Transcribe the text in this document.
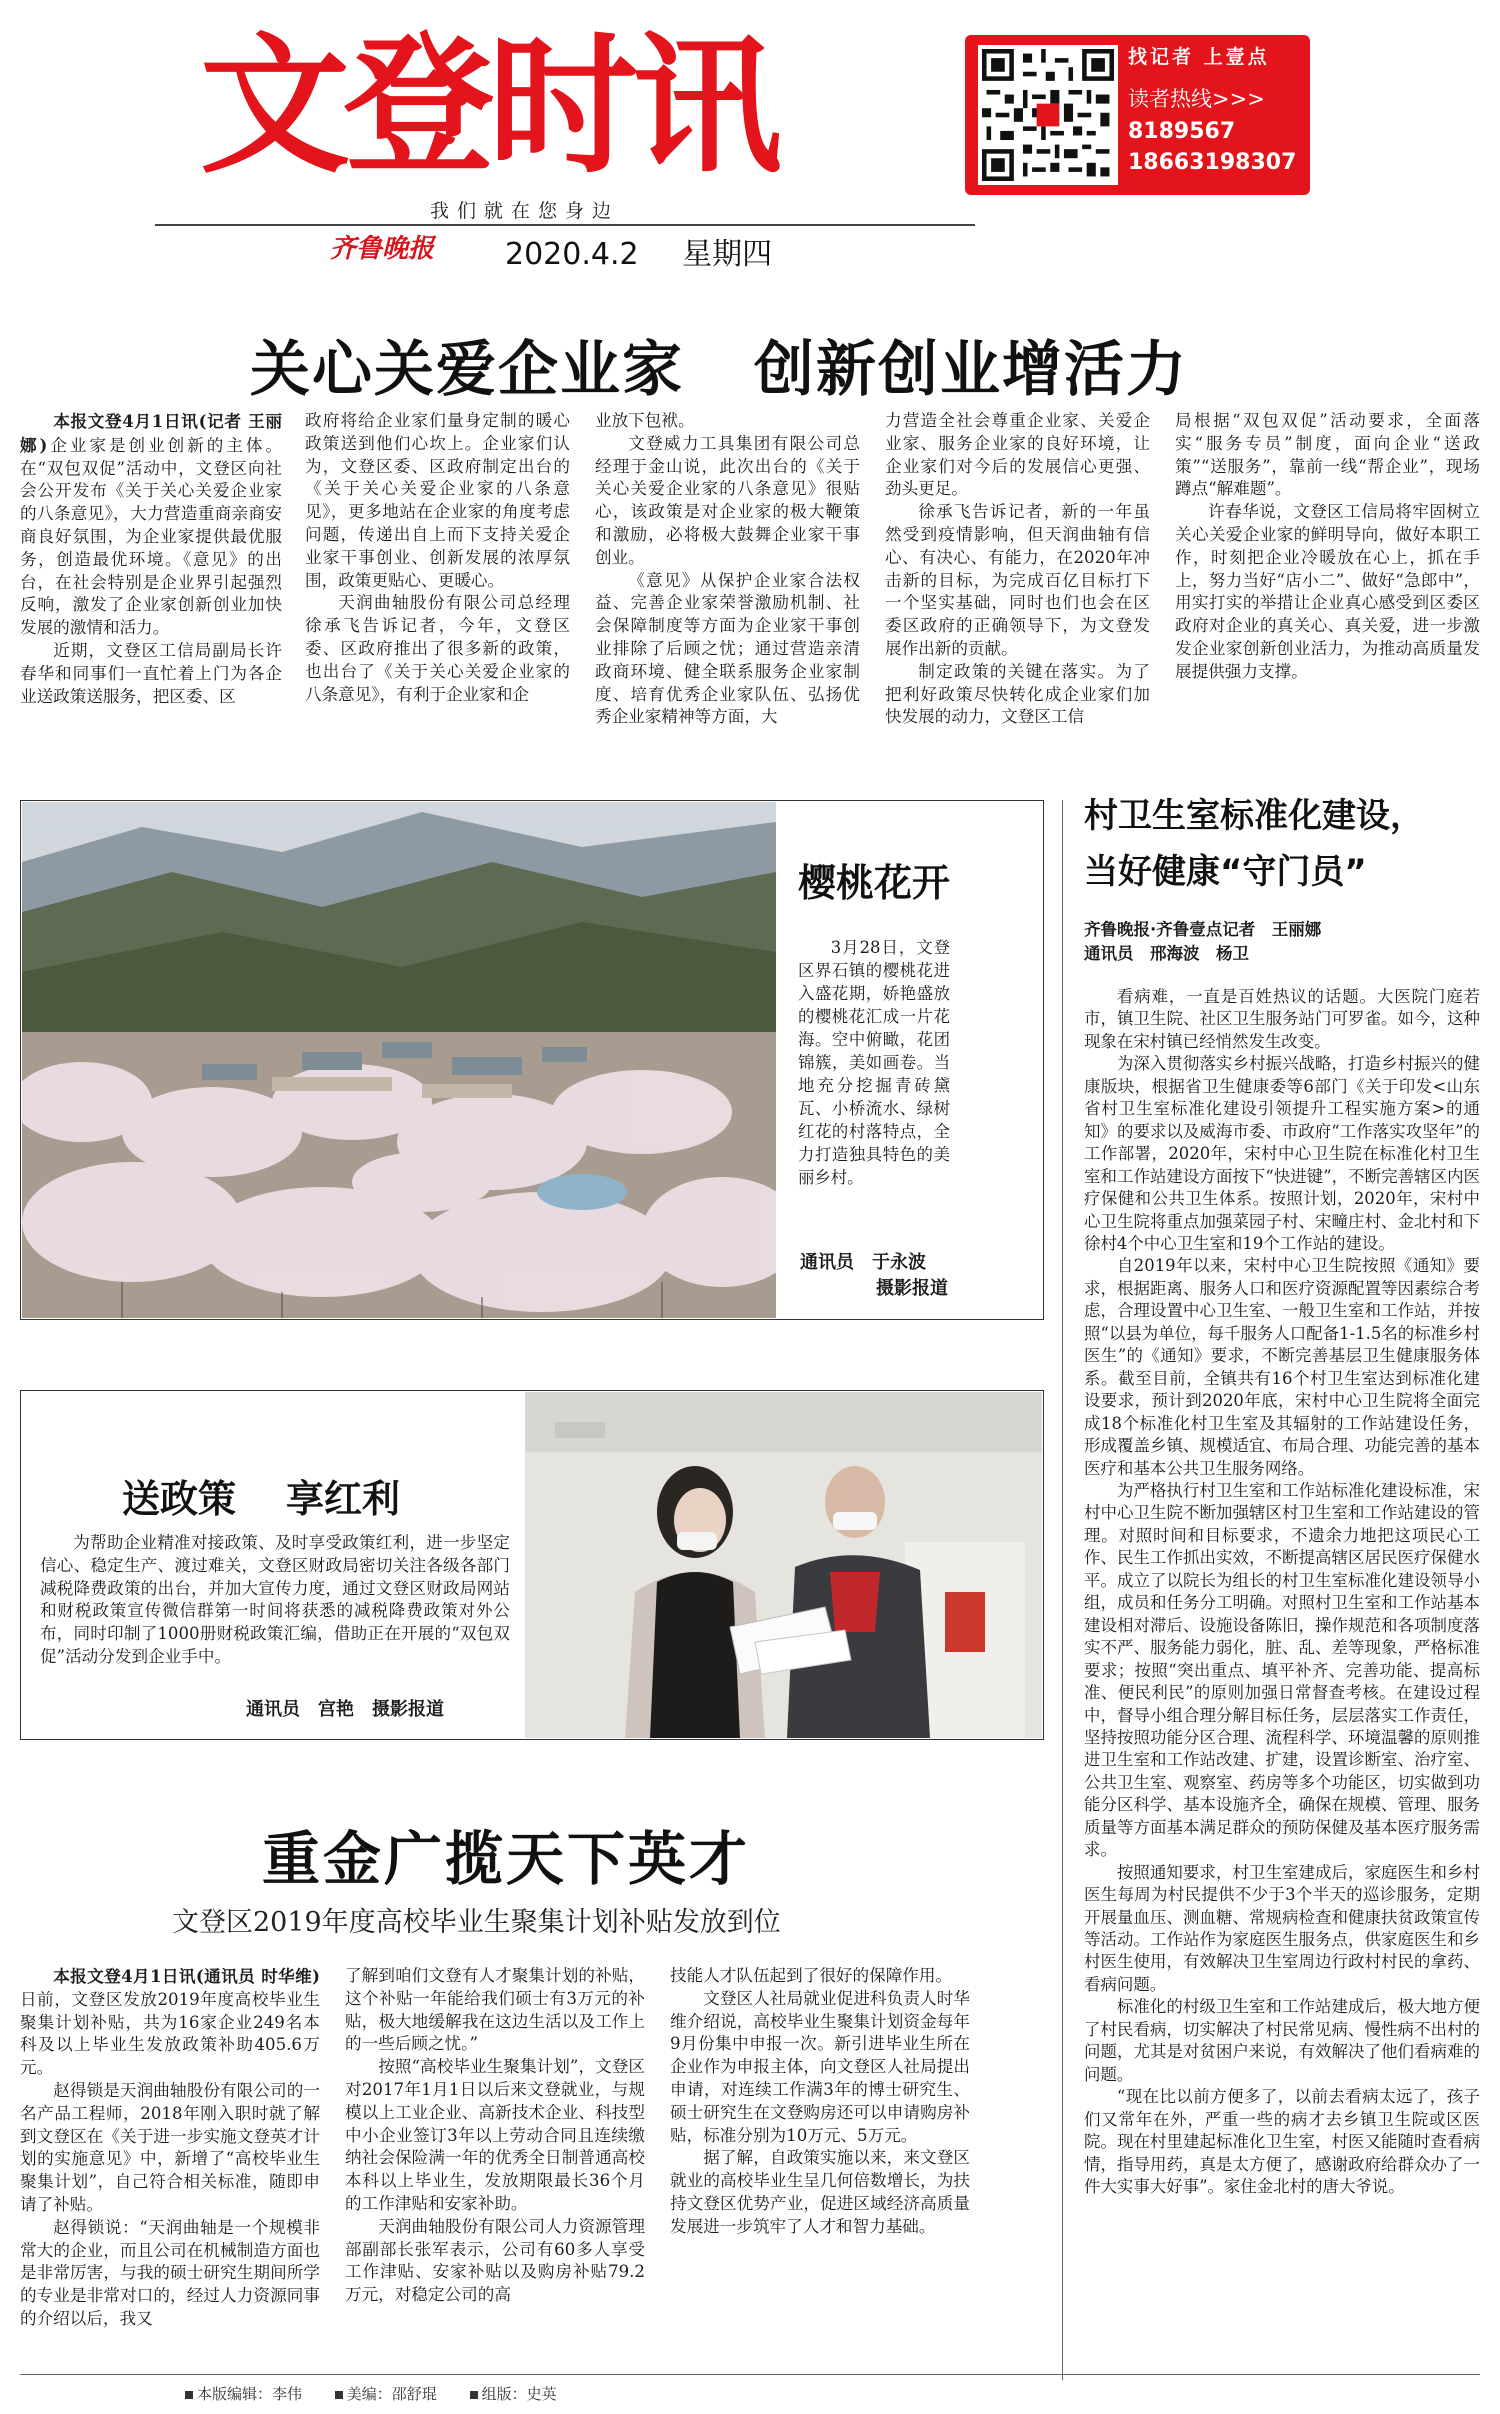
文登时讯
我们就在您身边
齐鲁晚报 2020.4.2 星期四
找记者 上壹点
读者热线>>>
8189567
18663198307
关心关爱企业家 创新创业增活力
本报文登4月1日讯(记者 王丽娜)企业家是创业创新的主体。在“双包双促”活动中，文登区向社会公开发布《关于关心关爱企业家的八条意见》，大力营造重商亲商安商良好氛围，为企业家提供最优服务，创造最优环境。《意见》的出台，在社会特别是企业界引起强烈反响，激发了企业家创新创业加快发展的激情和活力。
近期，文登区工信局副局长许春华和同事们一直忙着上门为各企业送政策送服务，把区委、区
政府将给企业家们量身定制的暖心政策送到他们心坎上。企业家们认为，文登区委、区政府制定出台的《关于关心关爱企业家的八条意见》，更多地站在企业家的角度考虑问题，传递出自上而下支持关爱企业家干事创业、创新发展的浓厚氛围，政策更贴心、更暖心。
天润曲轴股份有限公司总经理徐承飞告诉记者，今年，文登区委、区政府推出了很多新的政策，也出台了《关于关心关爱企业家的八条意见》，有利于企业家和企
业放下包袱。
文登威力工具集团有限公司总经理于金山说，此次出台的《关于关心关爱企业家的八条意见》很贴心，该政策是对企业家的极大鞭策和激励，必将极大鼓舞企业家干事创业。
《意见》从保护企业家合法权益、完善企业家荣誉激励机制、社会保障制度等方面为企业家干事创业排除了后顾之忧；通过营造亲清政商环境、健全联系服务企业家制度、培育优秀企业家队伍、弘扬优秀企业家精神等方面，大
力营造全社会尊重企业家、关爱企业家、服务企业家的良好环境，让企业家们对今后的发展信心更强、劲头更足。
徐承飞告诉记者，新的一年虽然受到疫情影响，但天润曲轴有信心、有决心、有能力，在2020年冲击新的目标，为完成百亿目标打下一个坚实基础，同时也们也会在区委区政府的正确领导下，为文登发展作出新的贡献。
制定政策的关键在落实。为了把利好政策尽快转化成企业家们加快发展的动力，文登区工信
局根据“双包双促”活动要求，全面落实“服务专员”制度，面向企业“送政策”“送服务”，靠前一线“帮企业”，现场蹲点“解难题”。
许春华说，文登区工信局将牢固树立关心关爱企业家的鲜明导向，做好本职工作，时刻把企业冷暖放在心上，抓在手上，努力当好“店小二”、做好“急郎中”，用实打实的举措让企业真心感受到区委区政府对企业的真关心、真关爱，进一步激发企业家创新创业活力，为推动高质量发展提供强力支撑。
樱桃花开
3月28日，文登区界石镇的樱桃花进入盛花期，娇艳盛放的樱桃花汇成一片花海。空中俯瞰，花团锦簇，美如画卷。当地充分挖掘青砖黛瓦、小桥流水、绿树红花的村落特点，全力打造独具特色的美丽乡村。
通讯员　于永波
摄影报道
送政策 享红利
为帮助企业精准对接政策、及时享受政策红利，进一步坚定信心、稳定生产、渡过难关，文登区财政局密切关注各级各部门减税降费政策的出台，并加大宣传力度，通过文登区财政局网站和财税政策宣传微信群第一时间将获悉的减税降费政策对外公布，同时印制了1000册财税政策汇编，借助正在开展的“双包双促”活动分发到企业手中。
通讯员　宫艳　摄影报道
重金广揽天下英才
文登区2019年度高校毕业生聚集计划补贴发放到位
本报文登4月1日讯(通讯员 时华维)日前，文登区发放2019年度高校毕业生聚集计划补贴，共为16家企业249名本科及以上毕业生发放政策补助405.6万元。
赵得锁是天润曲轴股份有限公司的一名产品工程师，2018年刚入职时就了解到文登区在《关于进一步实施文登英才计划的实施意见》中，新增了“高校毕业生聚集计划”，自己符合相关标准，随即申请了补贴。
赵得锁说：“天润曲轴是一个规模非常大的企业，而且公司在机械制造方面也是非常厉害，与我的硕士研究生期间所学的专业是非常对口的，经过人力资源同事的介绍以后，我又
了解到咱们文登有人才聚集计划的补贴，这个补贴一年能给我们硕士有3万元的补贴，极大地缓解我在这边生活以及工作上的一些后顾之忧。”
按照“高校毕业生聚集计划”，文登区对2017年1月1日以后来文登就业，与规模以上工业企业、高新技术企业、科技型中小企业签订3年以上劳动合同且连续缴纳社会保险满一年的优秀全日制普通高校本科以上毕业生，发放期限最长36个月的工作津贴和安家补助。
天润曲轴股份有限公司人力资源管理部副部长张军表示，公司有60多人享受工作津贴、安家补贴以及购房补贴79.2万元，对稳定公司的高
技能人才队伍起到了很好的保障作用。
文登区人社局就业促进科负责人时华维介绍说，高校毕业生聚集计划资金每年9月份集中申报一次。新引进毕业生所在企业作为申报主体，向文登区人社局提出申请，对连续工作满3年的博士研究生、硕士研究生在文登购房还可以申请购房补贴，标准分别为10万元、5万元。
据了解，自政策实施以来，来文登区就业的高校毕业生呈几何倍数增长，为扶持文登区优势产业，促进区域经济高质量发展进一步筑牢了人才和智力基础。
村卫生室标准化建设，
当好健康“守门员”
齐鲁晚报·齐鲁壹点记者　王丽娜
通讯员　邢海波　杨卫
看病难，一直是百姓热议的话题。大医院门庭若市，镇卫生院、社区卫生服务站门可罗雀。如今，这种现象在宋村镇已经悄然发生改变。
为深入贯彻落实乡村振兴战略，打造乡村振兴的健康版块，根据省卫生健康委等6部门《关于印发<山东省村卫生室标准化建设引领提升工程实施方案>的通知》的要求以及威海市委、市政府“工作落实攻坚年”的工作部署，2020年，宋村中心卫生院在标准化村卫生室和工作站建设方面按下“快进键”，不断完善辖区内医疗保健和公共卫生体系。按照计划，2020年，宋村中心卫生院将重点加强菜园子村、宋疃庄村、金北村和下徐村4个中心卫生室和19个工作站的建设。
自2019年以来，宋村中心卫生院按照《通知》要求，根据距离、服务人口和医疗资源配置等因素综合考虑，合理设置中心卫生室、一般卫生室和工作站，并按照“以县为单位，每千服务人口配备1-1.5名的标准乡村医生”的《通知》要求，不断完善基层卫生健康服务体系。截至目前，全镇共有16个村卫生室达到标准化建设要求，预计到2020年底，宋村中心卫生院将全面完成18个标准化村卫生室及其辐射的工作站建设任务，形成覆盖乡镇、规模适宜、布局合理、功能完善的基本医疗和基本公共卫生服务网络。
为严格执行村卫生室和工作站标准化建设标准，宋村中心卫生院不断加强辖区村卫生室和工作站建设的管理。对照时间和目标要求，不遗余力地把这项民心工作、民生工作抓出实效，不断提高辖区居民医疗保健水平。成立了以院长为组长的村卫生室标准化建设领导小组，成员和任务分工明确。对照村卫生室和工作站基本建设相对滞后、设施设备陈旧，操作规范和各项制度落实不严、服务能力弱化，脏、乱、差等现象，严格标准要求；按照“突出重点、填平补齐、完善功能、提高标准、便民利民”的原则加强日常督查考核。在建设过程中，督导小组合理分解目标任务，层层落实工作责任，坚持按照功能分区合理、流程科学、环境温馨的原则推进卫生室和工作站改建、扩建，设置诊断室、治疗室、公共卫生室、观察室、药房等多个功能区，切实做到功能分区科学、基本设施齐全，确保在规模、管理、服务质量等方面基本满足群众的预防保健及基本医疗服务需求。
按照通知要求，村卫生室建成后，家庭医生和乡村医生每周为村民提供不少于3个半天的巡诊服务，定期开展量血压、测血糖、常规病检查和健康扶贫政策宣传等活动。工作站作为家庭医生服务点，供家庭医生和乡村医生使用，有效解决卫生室周边行政村村民的拿药、看病问题。
标准化的村级卫生室和工作站建成后，极大地方便了村民看病，切实解决了村民常见病、慢性病不出村的问题，尤其是对贫困户来说，有效解决了他们看病难的问题。
“现在比以前方便多了，以前去看病太远了，孩子们又常年在外，严重一些的病才去乡镇卫生院或区医院。现在村里建起标准化卫生室，村医又能随时查看病情，指导用药，真是太方便了，感谢政府给群众办了一件大实事大好事”。家住金北村的唐大爷说。
本版编辑：李伟	美编：邵舒琨	组版：史英
